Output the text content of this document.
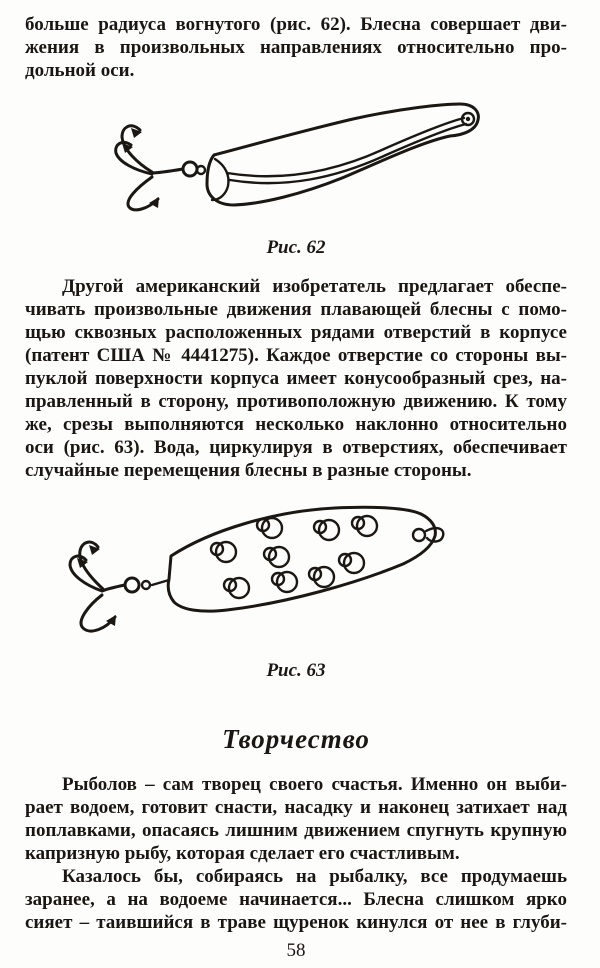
больше радиуса вогнутого (рис. 62). Блесна совершает дви-
жения в произвольных направлениях относительно про-
дольной оси.
Рис. 62
Другой американский изобретатель предлагает обеспе-
чивать произвольные движения плавающей блесны с помо-
щью сквозных расположенных рядами отверстий в корпусе
(патент США № 4441275). Каждое отверстие со стороны вы-
пуклой поверхности корпуса имеет конусообразный срез, на-
правленный в сторону, противоположную движению. К тому
же, срезы выполняются несколько наклонно относительно
оси (рис. 63). Вода, циркулируя в отверстиях, обеспечивает
случайные перемещения блесны в разные стороны.
Рис. 63
Творчество
Рыболов – сам творец своего счастья. Именно он выби-
рает водоем, готовит снасти, насадку и наконец затихает над
поплавками, опасаясь лишним движением спугнуть крупную
капризную рыбу, которая сделает его счастливым.
Казалось бы, собираясь на рыбалку, все продумаешь
заранее, а на водоеме начинается... Блесна слишком ярко
сияет – таившийся в траве щуренок кинулся от нее в глуби-
58
